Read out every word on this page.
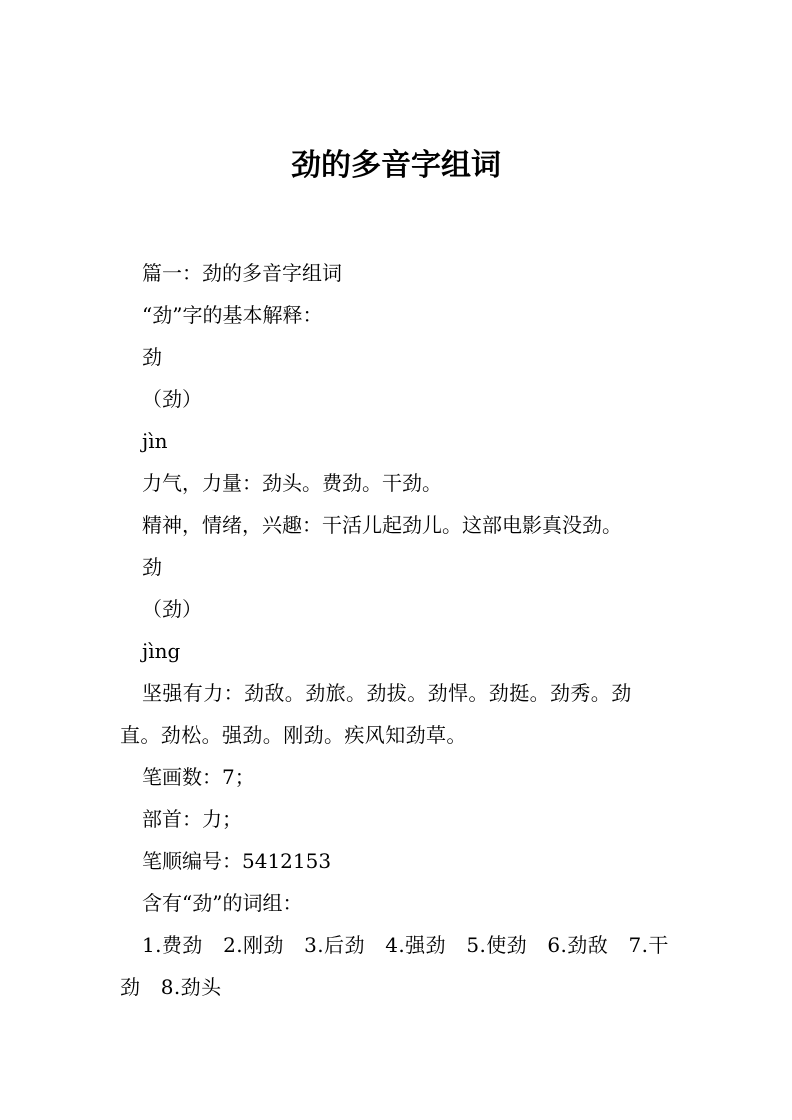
劲的多音字组词

篇一：劲的多音字组词

“劲”字的基本解释：

劲

（劲）

jìn

力气，力量：劲头。费劲。干劲。

精神，情绪，兴趣：干活儿起劲儿。这部电影真没劲。

劲

（劲）

jìng

坚强有力：劲敌。劲旅。劲拔。劲悍。劲挺。劲秀。劲直。劲松。强劲。刚劲。疾风知劲草。

笔画数：7；

部首：力；

笔顺编号：5412153

含有“劲”的词组：

1.费劲　2.刚劲　3.后劲　4.强劲　5.使劲　6.劲敌　7.干劲　8.劲头
